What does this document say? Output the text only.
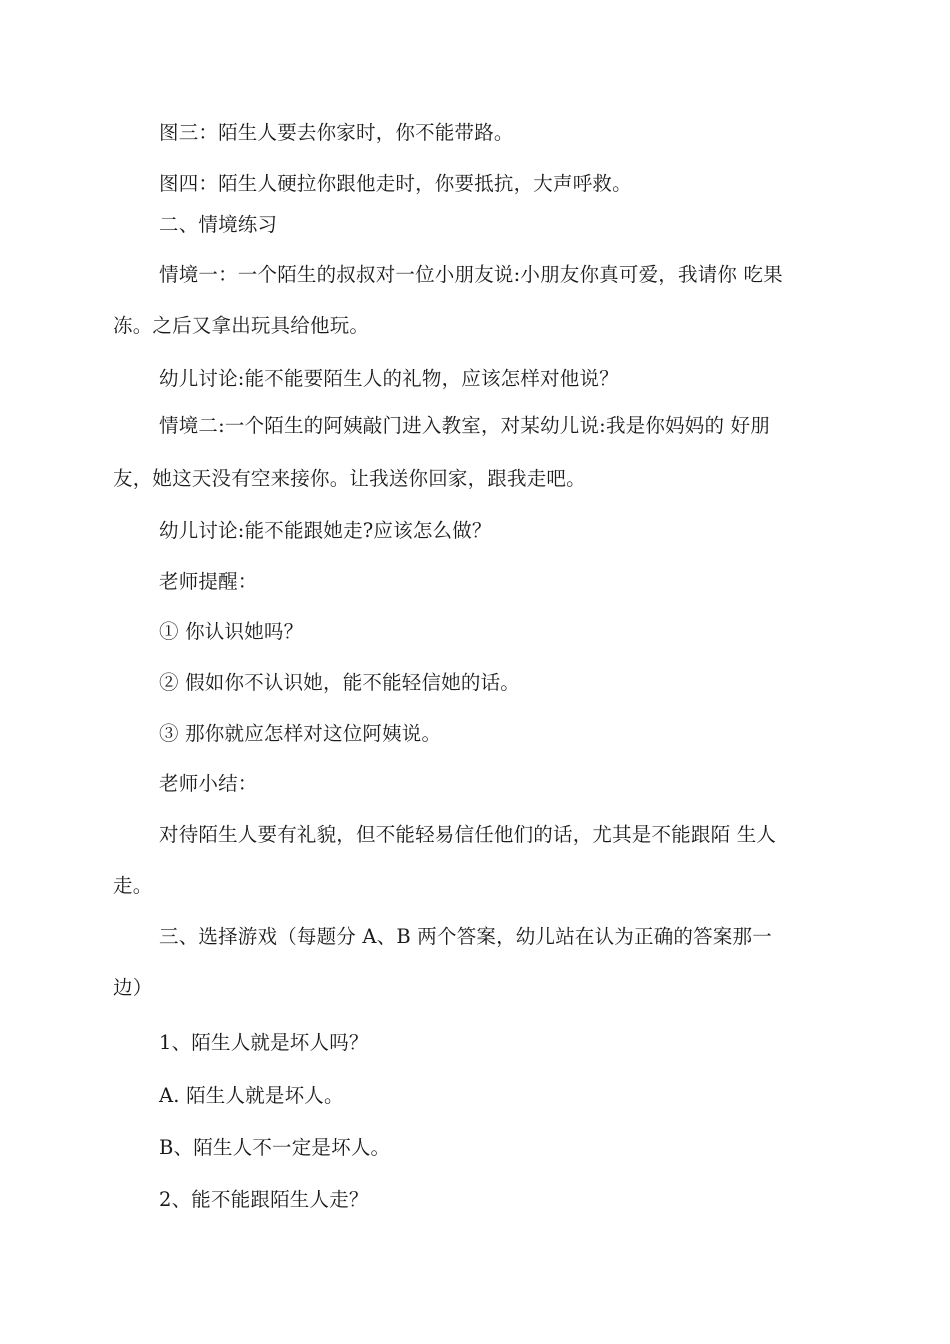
图三：陌生人要去你家时，你不能带路。
图四：陌生人硬拉你跟他走时，你要抵抗，大声呼救。
二、情境练习
情境一：一个陌生的叔叔对一位小朋友说:小朋友你真可爱，我请你 吃果
冻。之后又拿出玩具给他玩。
幼儿讨论:能不能要陌生人的礼物，应该怎样对他说？
情境二:一个陌生的阿姨敲门进入教室，对某幼儿说:我是你妈妈的 好朋
友，她这天没有空来接你。让我送你回家，跟我走吧。
幼儿讨论:能不能跟她走?应该怎么做？
老师提醒：
① 你认识她吗？
② 假如你不认识她，能不能轻信她的话。
③ 那你就应怎样对这位阿姨说。
老师小结：
对待陌生人要有礼貌，但不能轻易信任他们的话，尤其是不能跟陌 生人
走。
三、选择游戏（每题分 A、B 两个答案，幼儿站在认为正确的答案那一
边）
1、陌生人就是坏人吗？
A. 陌生人就是坏人。
B、陌生人不一定是坏人。
2、能不能跟陌生人走？
